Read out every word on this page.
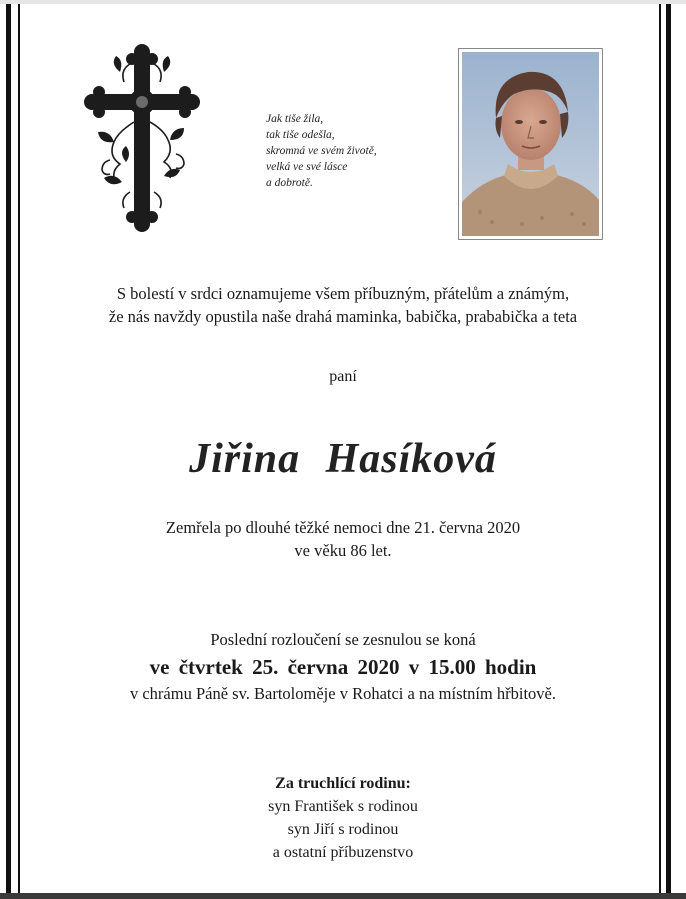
Jak tiše žila,
tak tiše odešla,
skromná ve svém životě,
velká ve své lásce
a dobrotě.
S bolestí v srdci oznamujeme všem příbuzným, přátelům a známým,
že nás navždy opustila naše drahá maminka, babička, prababička a teta
paní
Jiřina Hasíková
Zemřela po dlouhé těžké nemoci dne 21. června 2020
ve věku 86 let.
Poslední rozloučení se zesnulou se koná
ve čtvrtek 25. června 2020 v 15.00 hodin
v chrámu Páně sv. Bartoloměje v Rohatci a na místním hřbitově.
Za truchlící rodinu:
syn František s rodinou
syn Jiří s rodinou
a ostatní příbuzenstvo
